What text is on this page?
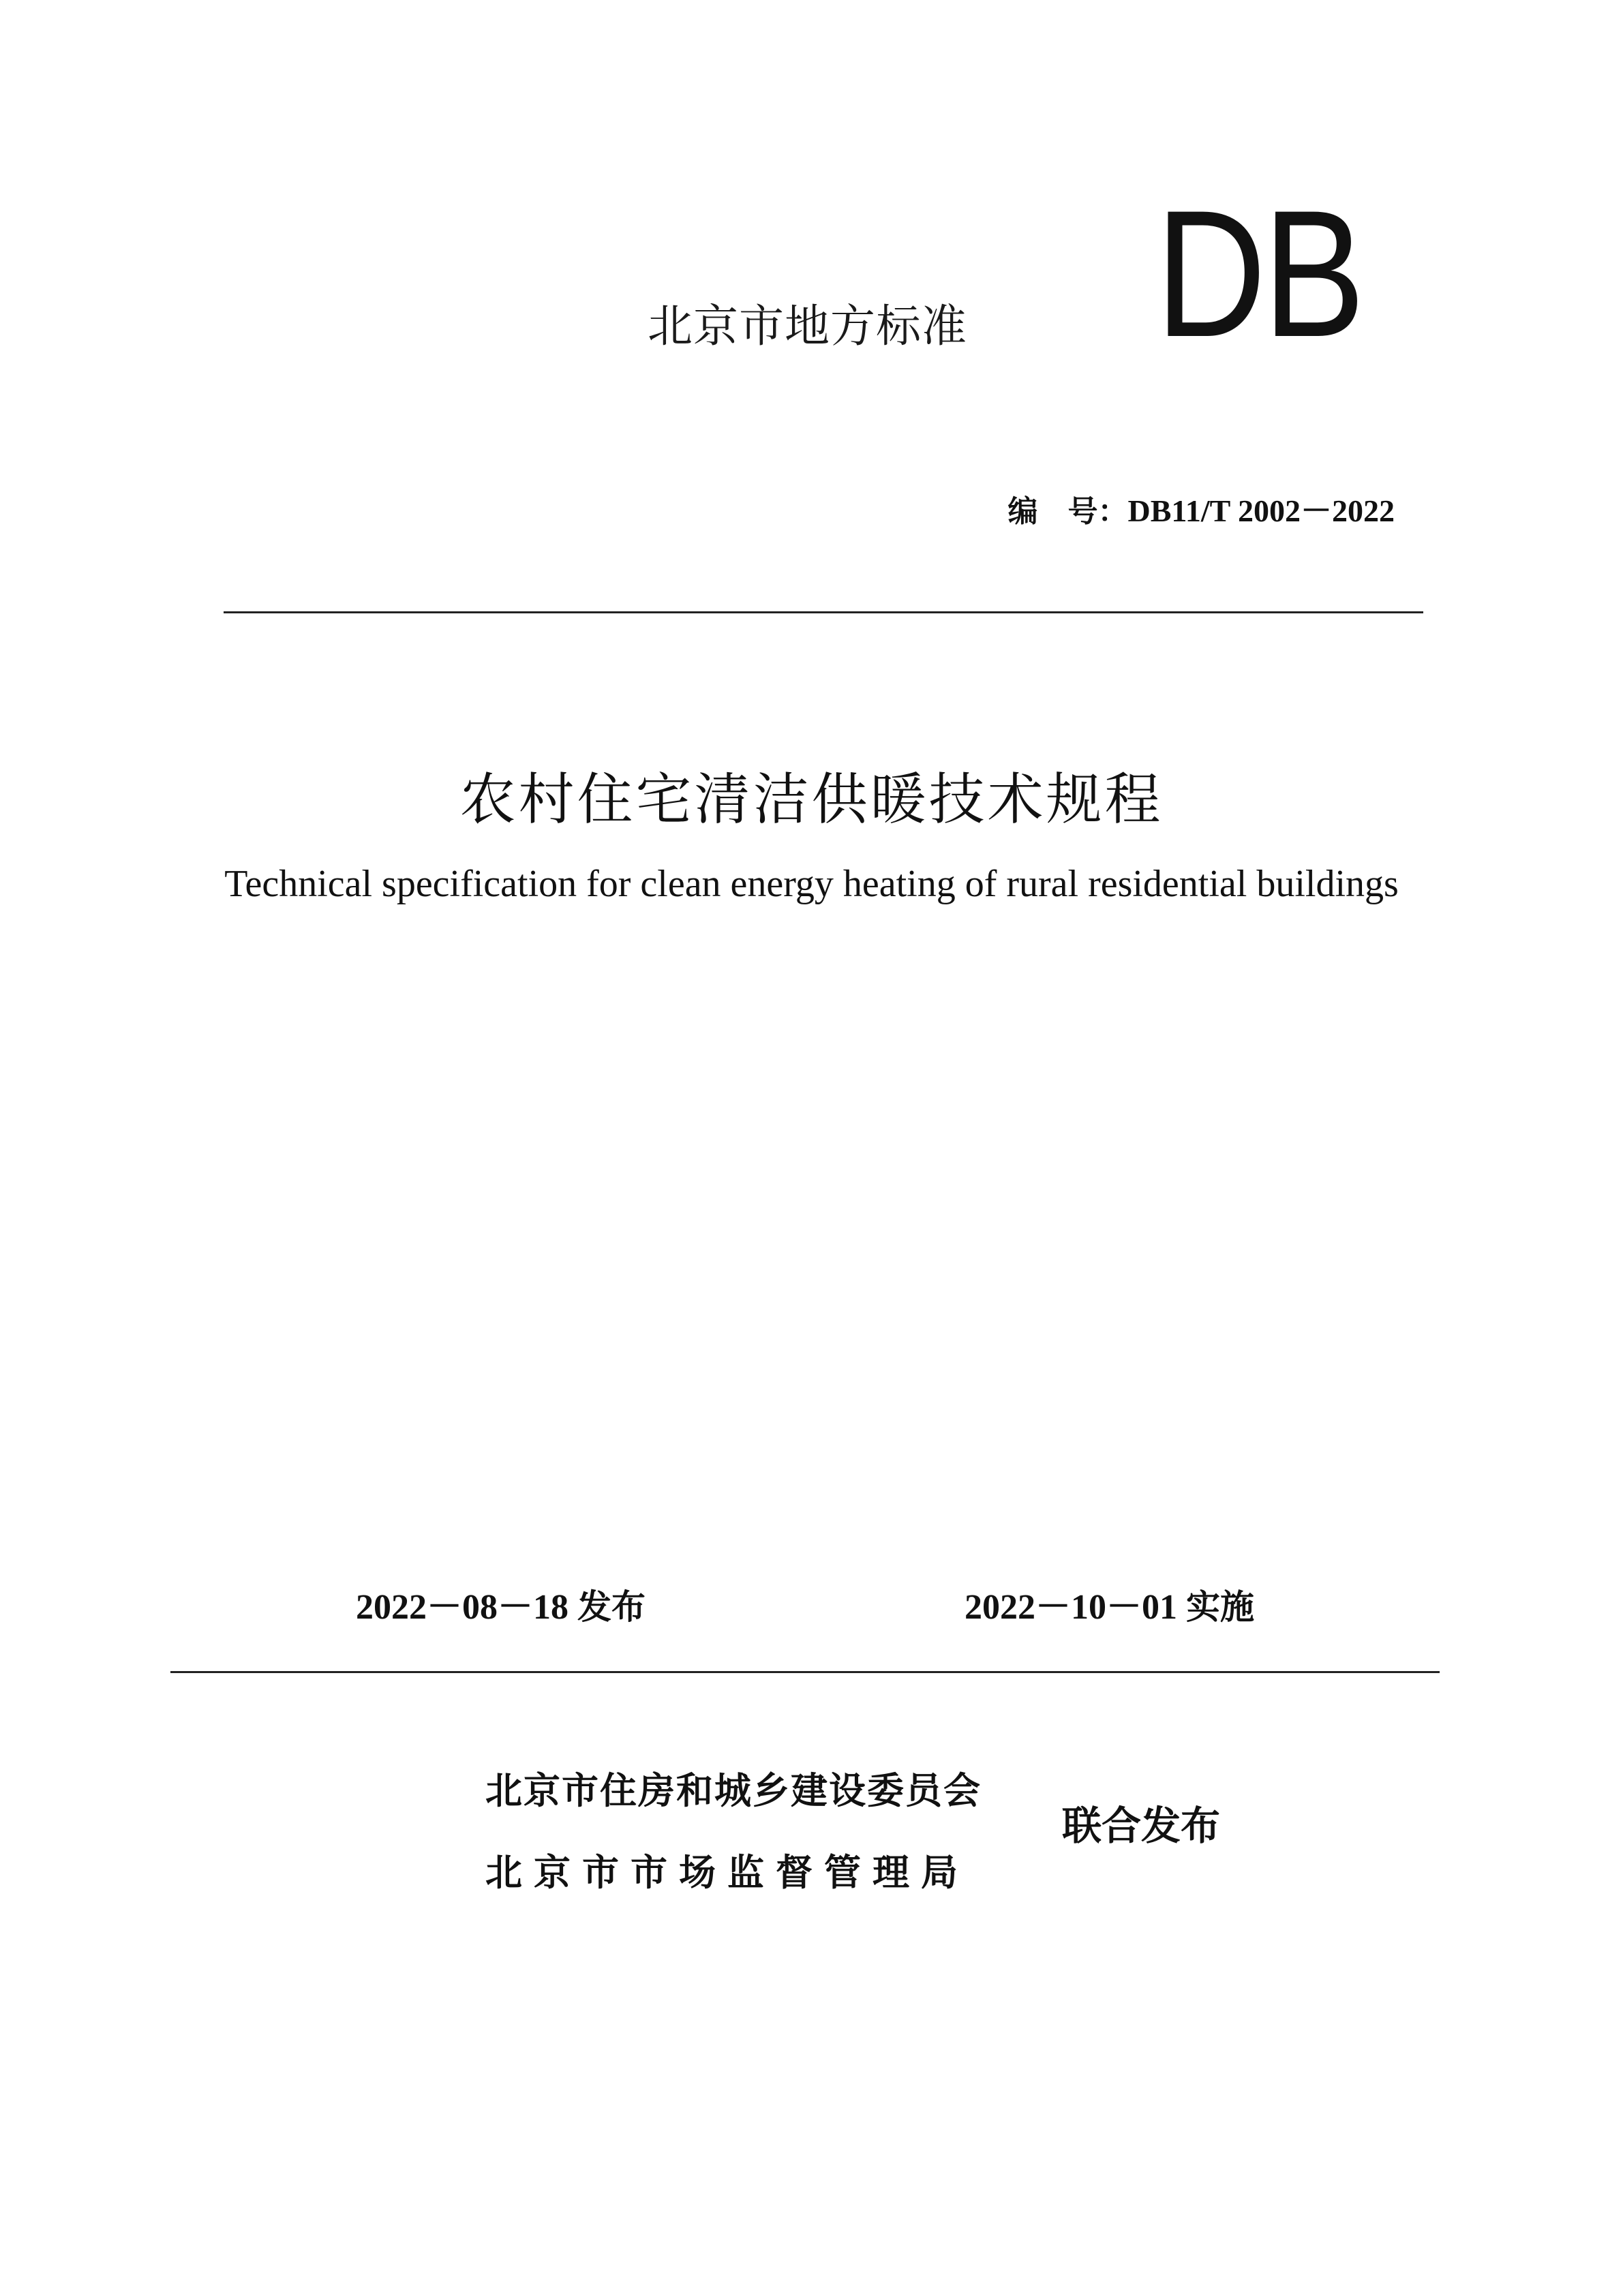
北京市地方标准 DB
编　号：DB11/T 2002－2022
农村住宅清洁供暖技术规程
Technical specification for clean energy heating of rural residential buildings
2022－08－18 发布	2022－10－01 实施
北京市住房和城乡建设委员会
北京市市场监督管理局
联合发布
